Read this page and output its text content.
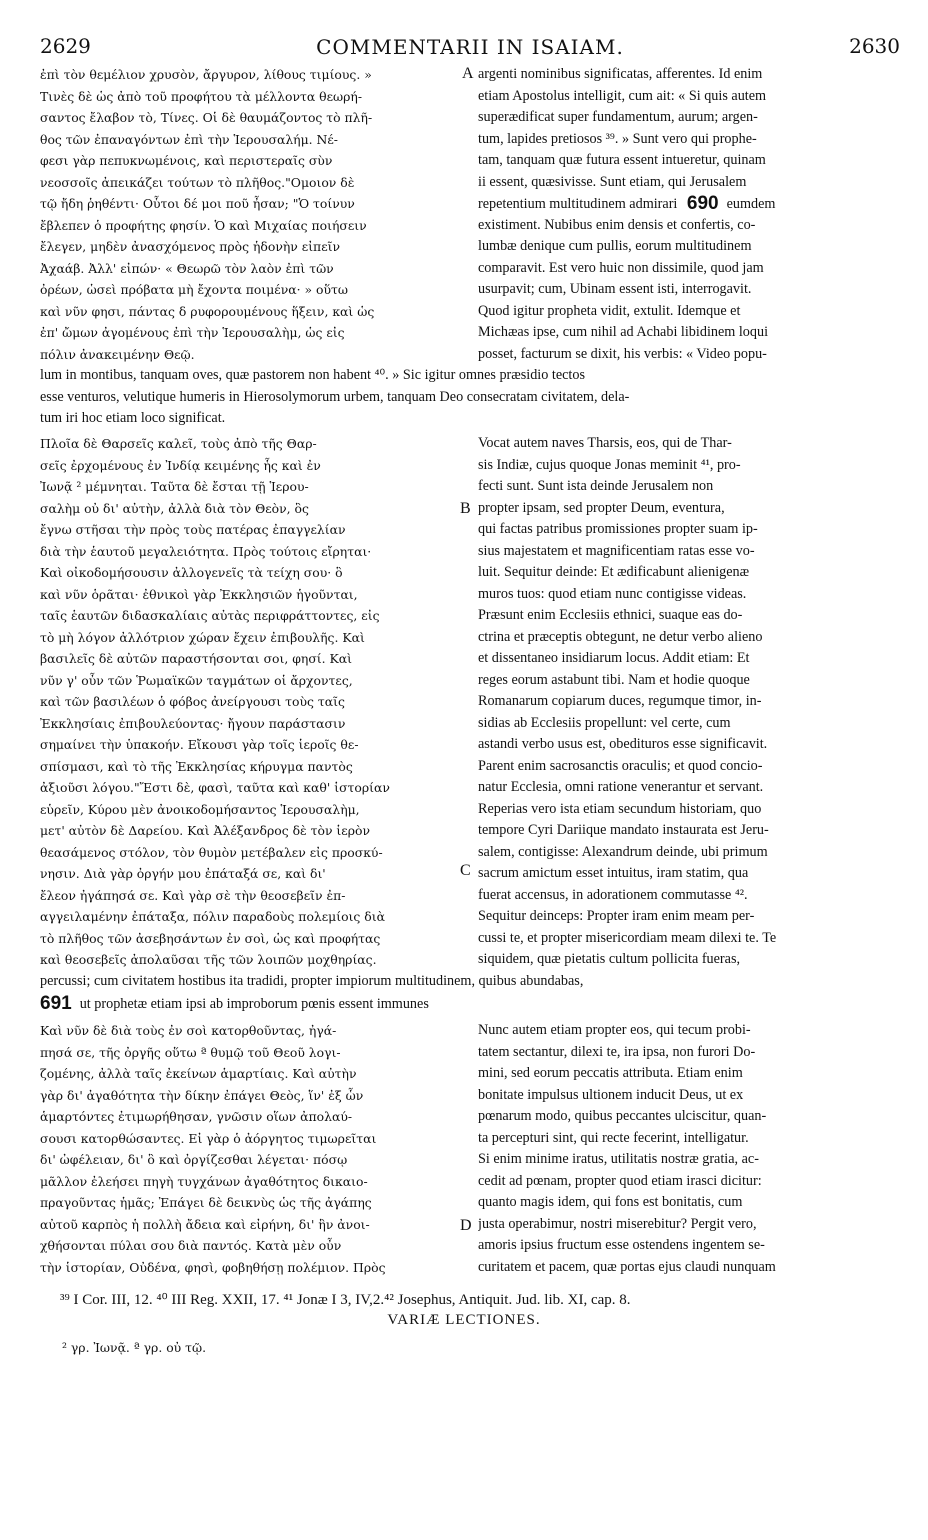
2629	COMMENTARII IN ISAIAM.	2630
ἐπὶ τὸν θεμέλιον χρυσὸν, ἄργυρον, λίθους τιμίους. »
Τινὲς δὲ ὡς ἀπὸ τοῦ προφήτου τὰ μέλλοντα θεωρή-
σαντος ἔλαβον τὸ, Τίνες. Οἱ δὲ θαυμάζοντος τὸ πλῆ-
θος τῶν ἐπαναγόντων ἐπὶ τὴν Ἱερουσαλήμ. Νέ-
φεσι γὰρ πεπυκνωμένοις, καὶ περιστεραῖς σὺν
νεοσσοῖς ἀπεικάζει τούτων τὸ πλῆθος."Ομοιον δὲ
τῷ ἤδη ῥηθέντι· Οὗτοι δέ μοι ποῦ ἦσαν; "Ὁ τοίνυν
ἔβλεπεν ὁ προφήτης φησίν. Ὁ καὶ Μιχαίας ποιήσειν
ἔλεγεν, μηδὲν ἀνασχόμενος πρὸς ἡδονὴν εἰπεῖν
Ἀχαάβ. Ἀλλ' εἰπών· « Θεωρῶ τὸν λαὸν ἐπὶ τῶν
ὀρέων, ὡσεὶ πρόβατα μὴ ἔχοντα ποιμένα· » οὕτω
καὶ νῦν φησι, πάντας δ ρυφορουμένους ἥξειν, καὶ ὡς
ἐπ' ὤμων ἀγομένους ἐπὶ τὴν Ἱερουσαλὴμ, ὡς εἰς
πόλιν ἀνακειμένην Θεῷ.
A argenti nominibus significatas, afferentes. Id enim
etiam Apostolus intelligit, cum ait: « Si quis autem
superædificat super fundamentum, aurum; argen-
tum, lapides pretiosos ³⁹. » Sunt vero qui prophe-
tam, tanquam quæ futura essent intueretur, quinam
ii essent, quæsivisse. Sunt etiam, qui Jerusalem
repetentium multitudinem admirari 690 eumdem
existiment. Nubibus enim densis et confertis, co-
lumbæ denique cum pullis, eorum multitudinem
comparavit. Est vero huic non dissimile, quod jam
usurpavit; cum, Ubinam essent isti, interrogavit.
Quod igitur propheta vidit, extulit. Idemque et
Michæas ipse, cum nihil ad Achabi libidinem loqui
posset, facturum se dixit, his verbis: « Video popu-
lum in montibus, tanquam oves, quæ pastorem non habent ⁴⁰. » Sic igitur omnes præsidio tectos
esse venturos, velutique humeris in Hierosolymorum urbem, tanquam Deo consecratam civitatem, dela-
tum iri hoc etiam loco significat.
Πλοῖα δὲ Θαρσεῖς καλεῖ, τοὺς ἀπὸ τῆς Θαρ-
σεῖς ἐρχομένους ἐν Ἰνδίᾳ κειμένης ἧς καὶ ἐν
Ἰωνᾷ ² μέμνηται. Ταῦτα δὲ ἔσται τῇ Ἱερου-
σαλὴμ οὐ δι' αὐτὴν, ἀλλὰ διὰ τὸν Θεὸν, ὃς
ἔγνω στῆσαι τὴν πρὸς τοὺς πατέρας ἐπαγγελίαν
διὰ τὴν ἑαυτοῦ μεγαλειότητα. Πρὸς τούτοις εἴρηται·
Καὶ οἰκοδομήσουσιν ἀλλογενεῖς τὰ τείχη σου· ὃ
καὶ νῦν ὁρᾶται· ἐθνικοὶ γὰρ Ἐκκλησιῶν ἡγοῦνται,
ταῖς ἑαυτῶν διδασκαλίαις αὐτὰς περιφράττοντες, εἰς
τὸ μὴ λόγον ἀλλότριον χώραν ἔχειν ἐπιβουλῆς. Καὶ
βασιλεῖς δὲ αὐτῶν παραστήσονται σοι, φησί. Καὶ
νῦν γ' οὖν τῶν Ῥωμαϊκῶν ταγμάτων οἱ ἄρχοντες,
καὶ τῶν βασιλέων ὁ φόβος ἀνείργουσι τοὺς ταῖς
Ἐκκλησίαις ἐπιβουλεύοντας· ἤγουν παράστασιν
σημαίνει τὴν ὑπακοήν. Εἴκουσι γὰρ τοῖς ἱεροῖς θε-
σπίσμασι, καὶ τὸ τῆς Ἐκκλησίας κήρυγμα παντὸς
ἀξιοῦσι λόγου."Ἔστι δὲ, φασὶ, ταῦτα καὶ καθ' ἱστορίαν
εὑρεῖν, Κύρου μὲν ἀνοικοδομήσαντος Ἱερουσαλὴμ,
μετ' αὐτὸν δὲ Δαρείου. Καὶ Ἀλέξανδρος δὲ τὸν ἱερὸν
θεασάμενος στόλον, τὸν θυμὸν μετέβαλεν εἰς προσκύ-
νησιν. Διὰ γὰρ ὀργήν μου ἐπάταξά σε, καὶ δι'
ἔλεον ἠγάπησά σε. Καὶ γὰρ σὲ τὴν θεοσεβεῖν ἐπ-
αγγειλαμένην ἐπάταξα, πόλιν παραδοὺς πολεμίοις διὰ
τὸ πλῆθος τῶν ἀσεβησάντων ἐν σοὶ, ὡς καὶ προφήτας
καὶ θεοσεβεῖς ἀπολαῦσαι τῆς τῶν λοιπῶν μοχθηρίας.
B
C
Vocat autem naves Tharsis, eos, qui de Thar-
sis Indiæ, cujus quoque Jonas meminit ⁴¹, pro-
fecti sunt. Sunt ista deinde Jerusalem non
propter ipsam, sed propter Deum, eventura,
qui factas patribus promissiones propter suam ip-
sius majestatem et magnificentiam ratas esse vo-
luit. Sequitur deinde: Et ædificabunt alienigenæ
muros tuos: quod etiam nunc contigisse videas.
Præsunt enim Ecclesiis ethnici, suaque eas do-
ctrina et præceptis obtegunt, ne detur verbo alieno
et dissentaneo insidiarum locus. Addit etiam: Et
reges eorum astabunt tibi. Nam et hodie quoque
Romanarum copiarum duces, regumque timor, in-
sidias ab Ecclesiis propellunt: vel certe, cum
astandi verbo usus est, obedituros esse significavit.
Parent enim sacrosanctis oraculis; et quod concio-
natur Ecclesia, omni ratione venerantur et servant.
Reperias vero ista etiam secundum historiam, quo
tempore Cyri Dariique mandato instaurata est Jeru-
salem, contigisse: Alexandrum deinde, ubi primum
sacrum amictum esset intuitus, iram statim, qua
fuerat accensus, in adorationem commutasse ⁴².
Sequitur deinceps: Propter iram enim meam per-
cussi te, et propter misericordiam meam dilexi te. Te
siquidem, quæ pietatis cultum pollicita fueras,
percussi; cum civitatem hostibus ita tradidi, propter impiorum multitudinem, quibus abundabas,
691 ut prophetæ etiam ipsi ab improborum pœnis essent immunes
Καὶ νῦν δὲ διὰ τοὺς ἐν σοὶ κατορθοῦντας, ἠγά-
πησά σε, τῆς ὀργῆς οὕτω ª θυμῷ τοῦ Θεοῦ λογι-
ζομένης, ἀλλὰ ταῖς ἐκείνων ἁμαρτίαις. Καὶ αὐτὴν
γὰρ δι' ἀγαθότητα τὴν δίκην ἐπάγει Θεὸς, ἵν' ἐξ ὧν
ἁμαρτόντες ἐτιμωρήθησαν, γνῶσιν οἵων ἀπολαύ-
σουσι κατορθώσαντες. Εἰ γὰρ ὁ ἀόργητος τιμωρεῖται
δι' ὠφέλειαν, δι' ὃ καὶ ὀργίζεσθαι λέγεται· πόσῳ
μᾶλλον ἐλεήσει πηγὴ τυγχάνων ἀγαθότητος δικαιο-
πραγοῦντας ἡμᾶς; Ἐπάγει δὲ δεικνὺς ὡς τῆς ἀγάπης
αὐτοῦ καρπὸς ἡ πολλὴ ἄδεια καὶ εἰρήνη, δι' ἣν ἀνοι-
χθήσονται πύλαι σου διὰ παντός. Κατὰ μὲν οὖν
τὴν ἱστορίαν, Οὐδένα, φησὶ, φοβηθήσῃ πολέμιον. Πρὸς
D
Nunc autem etiam propter eos, qui tecum probi-
tatem sectantur, dilexi te, ira ipsa, non furori Do-
mini, sed eorum peccatis attributa. Etiam enim
bonitate impulsus ultionem inducit Deus, ut ex
pœnarum modo, quibus peccantes ulciscitur, quan-
ta percepturi sint, qui recte fecerint, intelligatur.
Si enim minime iratus, utilitatis nostræ gratia, ac-
cedit ad pœnam, propter quod etiam irasci dicitur:
quanto magis idem, qui fons est bonitatis, cum
justa operabimur, nostri miserebitur? Pergit vero,
amoris ipsius fructum esse ostendens ingentem se-
curitatem et pacem, quæ portas ejus claudi nunquam
³⁹ I Cor. III, 12. ⁴⁰ III Reg. XXII, 17. ⁴¹ Jonæ I 3, IV,2.⁴² Josephus, Antiquit. Jud. lib. XI, cap. 8.
VARIÆ LECTIONES.
² γρ. Ἰωνᾷ. ª γρ. οὐ τῷ.
